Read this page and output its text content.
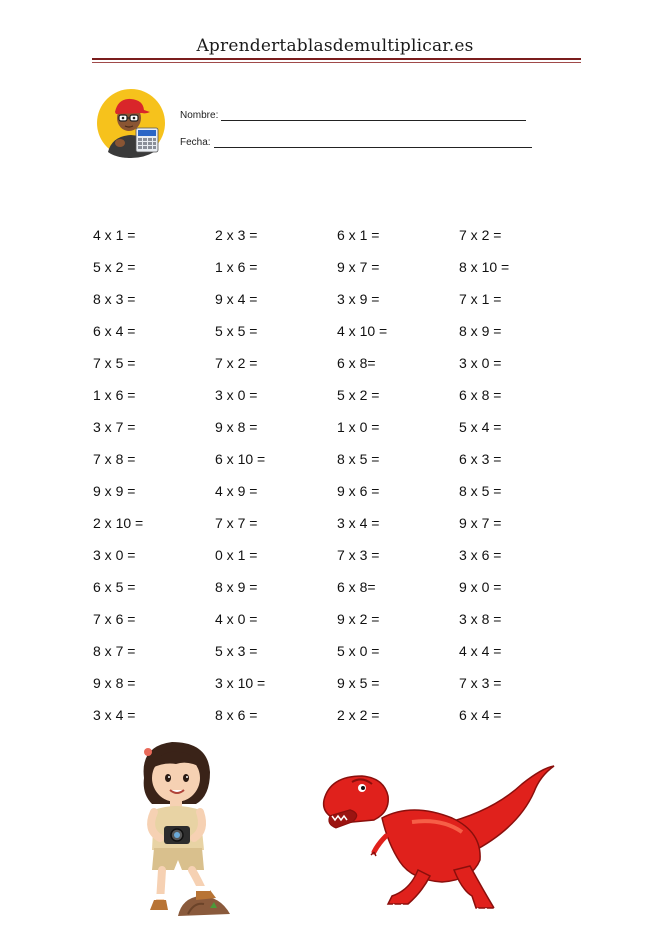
Aprendertablasdemultiplicar.es
Nombre:
Fecha:
4 x 1 =	2 x 3 =	6 x 1 =	7 x 2 =
5 x 2 =	1 x 6 =	9 x 7 =	8 x 10 =
8 x 3 =	9 x 4 =	3 x 9 =	7 x 1 =
6 x 4 =	5 x 5 =	4 x 10 =	8 x 9 =
7 x 5 =	7 x 2 =	6 x 8=	3 x 0 =
1 x 6 =	3 x 0 =	5 x 2 =	6 x 8 =
3 x 7 =	9 x 8 =	1 x 0 =	5 x 4 =
7 x 8 =	6 x 10 =	8 x 5 =	6 x 3 =
9 x 9 =	4 x 9 =	9 x 6 =	8 x 5 =
2 x 10 =	7 x 7 =	3 x 4 =	9 x 7 =
3 x 0 =	0 x 1 =	7 x 3 =	3 x 6 =
6 x 5 =	8 x 9 =	6 x 8=	9 x 0 =
7 x 6 =	4 x 0 =	9 x 2 =	3 x 8 =
8 x 7 =	5 x 3 =	5 x 0 =	4 x 4 =
9 x 8 =	3 x 10 =	9 x 5 =	7 x 3 =
3 x 4 =	8 x 6 =	2 x 2 =	6 x 4 =
